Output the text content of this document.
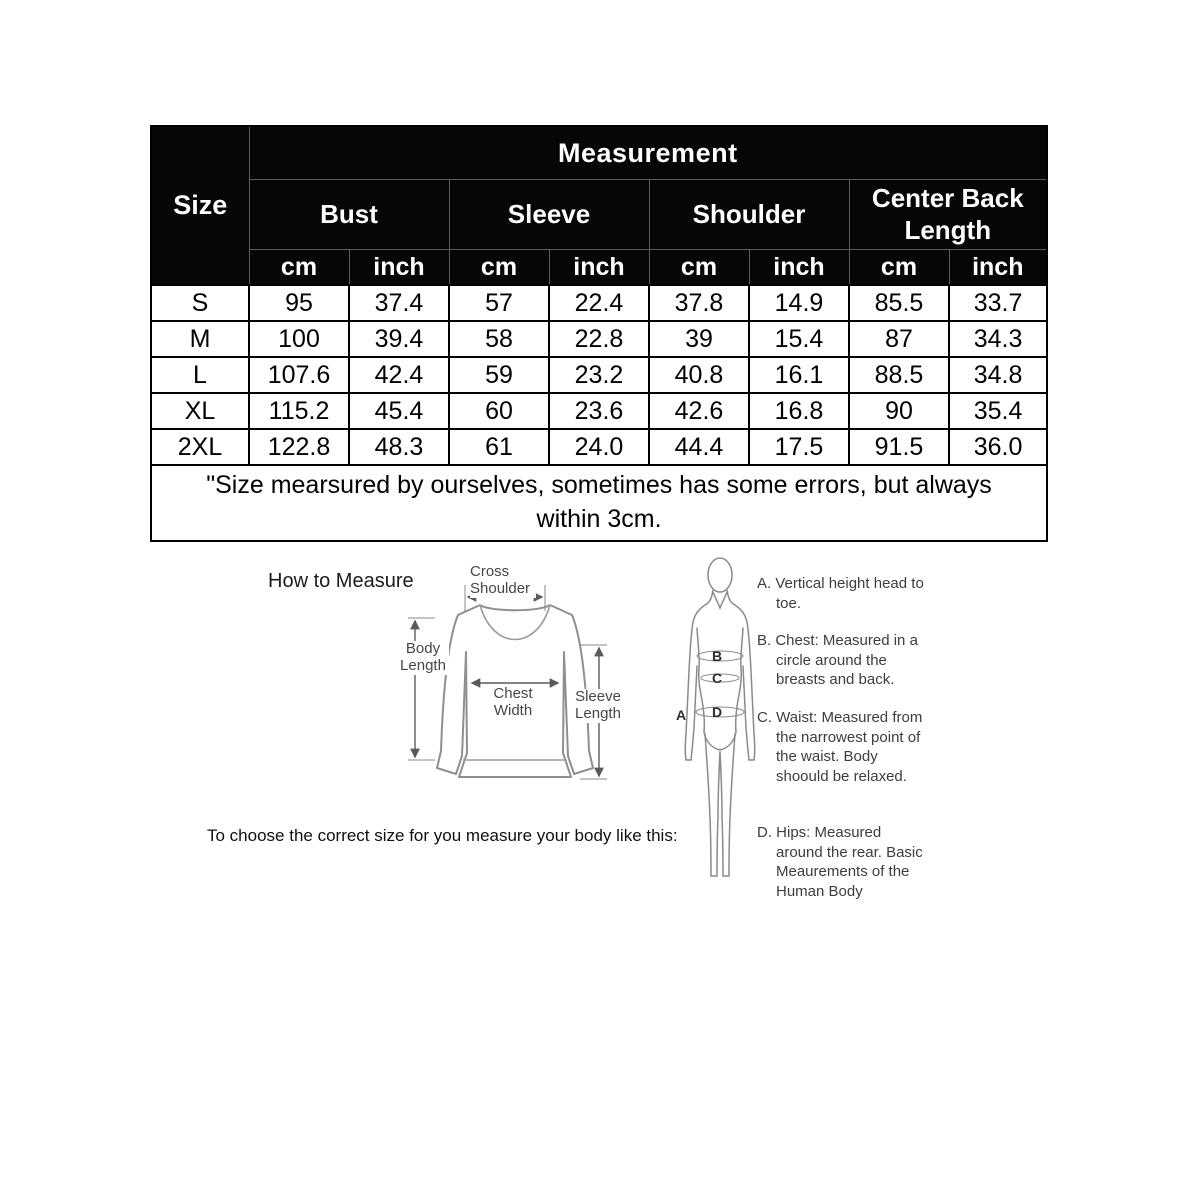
Size	Measurement							
	Bust		Sleeve		Shoulder		Center Back Length	
	cm	inch	cm	inch	cm	inch	cm	inch
S	95	37.4	57	22.4	37.8	14.9	85.5	33.7
M	100	39.4	58	22.8	39	15.4	87	34.3
L	107.6	42.4	59	23.2	40.8	16.1	88.5	34.8
XL	115.2	45.4	60	23.6	42.6	16.8	90	35.4
2XL	122.8	48.3	61	24.0	44.4	17.5	91.5	36.0
"Size mearsured by ourselves, sometimes has some errors, but always within 3cm.								
How to Measure	Cross Shoulder
Body Length
Chest Width
Sleeve Length	A
B
C
D
A. Vertical height head to toe.
B. Chest: Measured in a circle around the breasts and back.
C. Waist: Measured from the narrowest point of the waist. Body shoould be relaxed.
D. Hips: Measured around the rear. Basic Meaurements of the Human Body
To choose the correct size for you measure your body like this:
